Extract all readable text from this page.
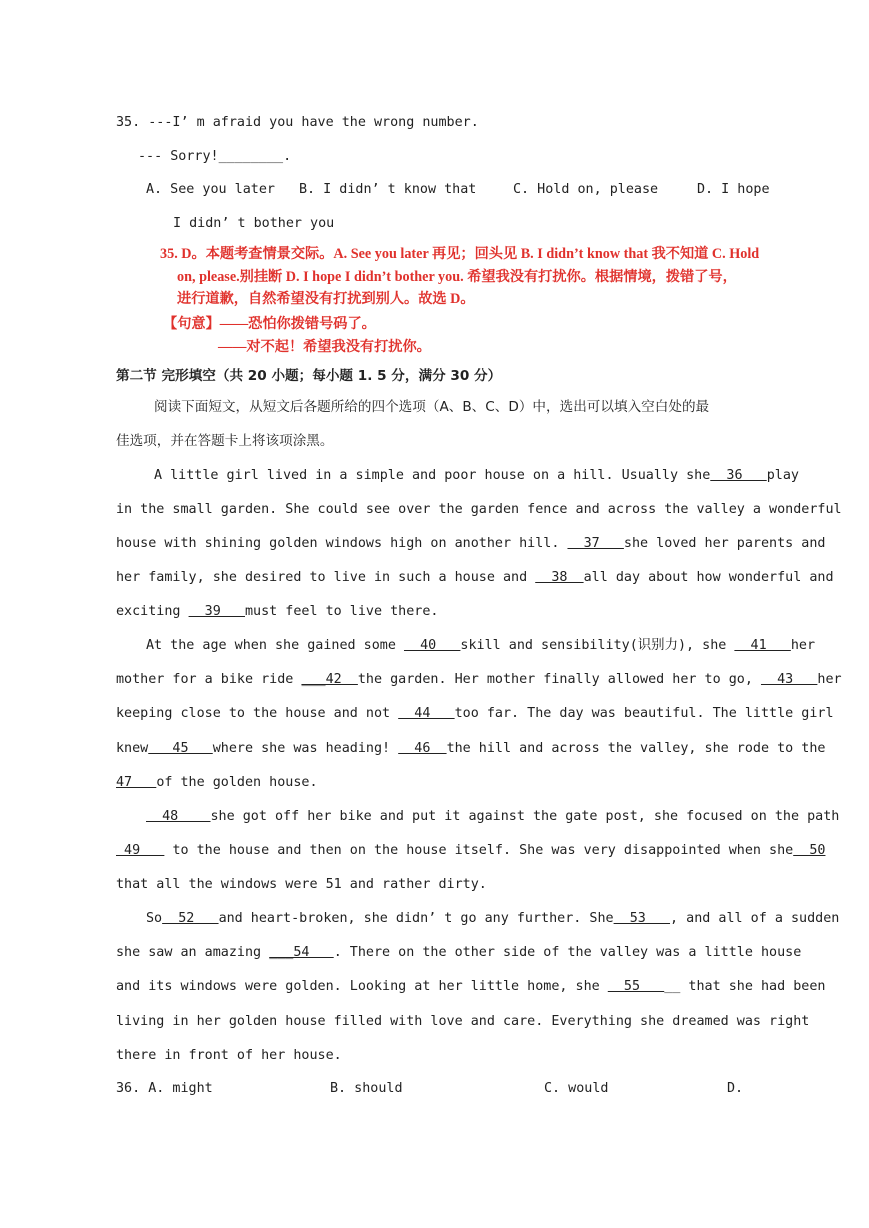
35. ---I’ m afraid you have the wrong number.
--- Sorry!________.
A. See you later B. I didn’ t know that	C. Hold on, please	D. I hope
I didn’ t bother you
35. D。本题考查情景交际。A. See you later 再见；回头见 B. I didn’t know that 我不知道 C. Hold
on, please.别挂断 D. I hope I didn’t bother you. 希望我没有打扰你。根据情境，拨错了号，
进行道歉，自然希望没有打扰到别人。故选 D。
【句意】——恐怕你拨错号码了。
——对不起！希望我没有打扰你。
第二节 完形填空（共 20 小题；每小题 1. 5 分，满分 30 分）
阅读下面短文，从短文后各题所给的四个选项（A、B、C、D）中，选出可以填入空白处的最
佳选项，并在答题卡上将该项涂黑。
A little girl lived in a simple and poor house on a hill. Usually she  36   play
in the small garden. She could see over the garden fence and across the valley a wonderful
house with shining golden windows high on another hill.   37   she loved her parents and
her family, she desired to live in such a house and   38  all day about how wonderful and
exciting   39   must feel to live there.
At the age when she gained some   40   skill and sensibility(识别力), she   41   her
mother for a bike ride ___42  the garden. Her mother finally allowed her to go,   43   her
keeping close to the house and not   44   too far. The day was beautiful. The little girl
knew   45   where she was heading!   46  the hill and across the valley, she rode to the
47   of the golden house.
48    she got off her bike and put it against the gate post, she focused on the path
49    to the house and then on the house itself. She was very disappointed when she  50
that all the windows were 51 and rather dirty.
So  52   and heart-broken, she didn’ t go any further. She  53   , and all of a sudden
she saw an amazing ___54   . There on the other side of the valley was a little house
and its windows were golden. Looking at her little home, she   55   __ that she had been
living in her golden house filled with love and care. Everything she dreamed was right
there in front of her house.
36. A. might	B. should	C. would	D.
